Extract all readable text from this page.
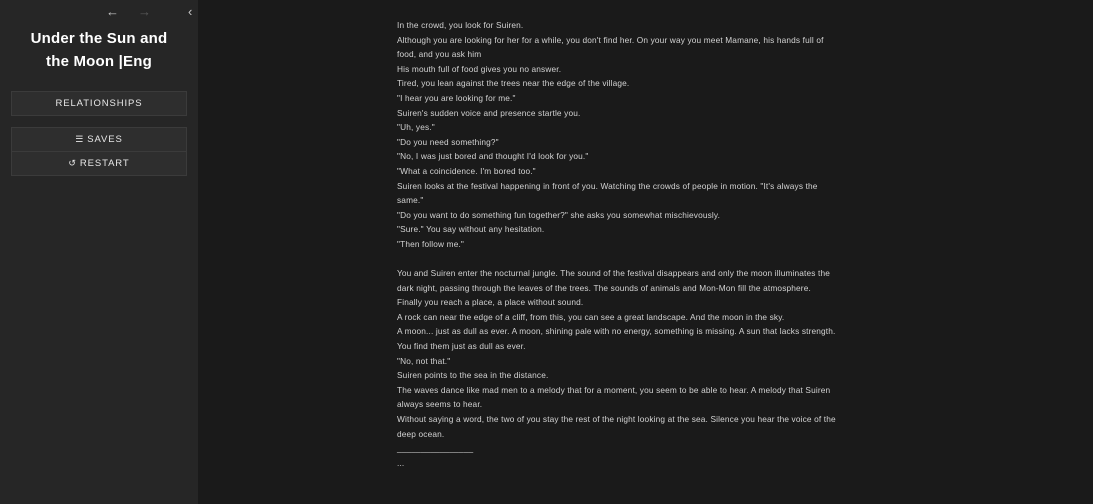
←	→	‹
Under the Sun and the Moon |Eng
RELATIONSHIPS
☰ SAVES
↺ RESTART

In the crowd, you look for Suiren.

Although you are looking for her for a while, you don't find her. On your way you meet Mamane, his hands full of food, and you ask him

His mouth full of food gives you no answer.

Tired, you lean against the trees near the edge of the village.

"I hear you are looking for me."

Suiren's sudden voice and presence startle you.

"Uh, yes."

"Do you need something?"

"No, I was just bored and thought I'd look for you."

"What a coincidence. I'm bored too."

Suiren looks at the festival happening in front of you. Watching the crowds of people in motion. "It's always the same."

"Do you want to do something fun together?" she asks you somewhat mischievously.

"Sure." You say without any hesitation.

"Then follow me."

You and Suiren enter the nocturnal jungle. The sound of the festival disappears and only the moon illuminates the dark night, passing through the leaves of the trees. The sounds of animals and Mon-Mon fill the atmosphere.

Finally you reach a place, a place without sound.

A rock can near the edge of a cliff, from this, you can see a great landscape. And the moon in the sky.

A moon... just as dull as ever. A moon, shining pale with no energy, something is missing. A sun that lacks strength. You find them just as dull as ever.

"No, not that."

Suiren points to the sea in the distance.

The waves dance like mad men to a melody that for a moment, you seem to be able to hear. A melody that Suiren always seems to hear.

Without saying a word, the two of you stay the rest of the night looking at the sea. Silence you hear the voice of the deep ocean.

________________

...
